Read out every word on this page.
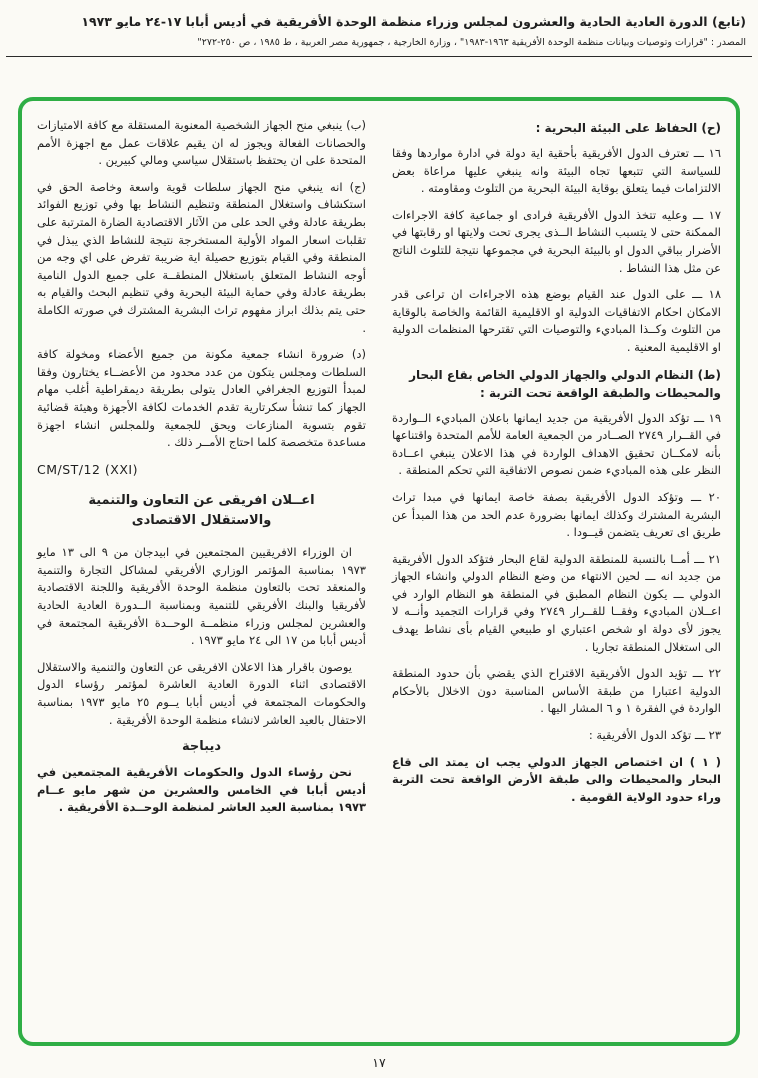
(تابع) الدورة العادية الحادية والعشرون لمجلس وزراء منظمة الوحدة الأفريقية في أديس أبابا ١٧-٢٤ مايو ١٩٧٣
المصدر : "قرارات وتوصيات وبيانات منظمة الوحدة الأفريقية ١٩٦٣-١٩٨٣" ، وزارة الخارجية ، جمهورية مصر العربية ، ط ١٩٨٥ ، ص ٢٥٠-٢٧٢"
(ح) الحفاظ على البيئة البحرية :

١٦ ـــ تعترف الدول الأفريقية بأحقية اية دولة في ادارة مواردها وفقا للسياسة التي تتبعها تجاه البيئة وانه ينبغي عليها مراعاة بعض الالتزامات فيما يتعلق بوقاية البيئة البحرية من التلوث ومقاومته .

١٧ ـــ وعليه تتخذ الدول الأفريقية فرادى او جماعية كافة الاجراءات الممكنة حتى لا يتسبب النشاط الــذى يجرى تحت ولايتها او رقابتها في الأضرار بباقي الدول او بالبيئة البحرية في مجموعها نتيجة للتلوث الناتج عن مثل هذا النشاط .

١٨ ـــ على الدول عند القيام بوضع هذه الاجراءات ان تراعى قدر الامكان احكام الاتفاقيات الدولية او الاقليمية القائمة والخاصة بالوقاية من التلوث وكــذا المباديء والتوصيات التي تقترحها المنظمات الدولية او الاقليمية المعنية .

(ط) النظام الدولي والجهاز الدولي الخاص بقاع البحار والمحيطات والطبقة الواقعة تحت التربة :

١٩ ـــ تؤكد الدول الأفريقية من جديد ايمانها باعلان المباديء الــواردة في القــرار ٢٧٤٩ الصــادر من الجمعية العامة للأمم المتحدة واقتناعها بأنه لامكــان تحقيق الاهداف الواردة في هذا الاعلان ينبغي اعــادة النظر على هذه المباديء ضمن نصوص الاتفاقية التي تحكم المنطقة .

٢٠ ـــ وتؤكد الدول الأفريقية بصفة خاصة ايمانها في مبدا تراث البشرية المشترك وكذلك ايمانها بضرورة عدم الحد من هذا المبدأ عن طريق اى تعريف يتضمن قيــودا .

٢١ ـــ أمــا بالنسبة للمنطقة الدولية لقاع البحار فتؤكد الدول الأفريقية من جديد انه ـــ لحين الانتهاء من وضع النظام الدولي وانشاء الجهاز الدولي ـــ يكون النظام المطبق في المنطقة هو النظام الوارد في اعــلان المباديء وفقــا للقــرار ٢٧٤٩ وفي قرارات التجميد وأنــه لا يجوز لأى دولة او شخص اعتباري او طبيعي القيام بأى نشاط يهدف الى استغلال المنطقة تجاريا .

٢٢ ـــ تؤيد الدول الأفريقية الاقتراح الذي يقضي بأن حدود المنطقة الدولية اعتبارا من طبقة الأساس المناسبة دون الاخلال بالأحكام الواردة في الفقرة ١ و ٦ المشار اليها .

٢٣ ـــ تؤكد الدول الأفريقية :

( ١ ) ان اختصاص الجهاز الدولي يجب ان يمتد الى قاع البحار والمحيطات والى طبقة الأرض الواقعة تحت التربة وراء حدود الولاية القومية .

(ب) ينبغي منح الجهاز الشخصية المعنوية المستقلة مع كافة الامتيازات والحصانات الفعالة ويجوز له ان يقيم علاقات عمل مع اجهزة الأمم المتحدة على ان يحتفظ باستقلال سياسي ومالي كبيرين .

(ج) انه ينبغي منح الجهاز سلطات قوية واسعة وخاصة الحق في استكشاف واستغلال المنطقة وتنظيم النشاط بها وفي توزيع الفوائد بطريقة عادلة وفي الحد على من الآثار الاقتصادية الضارة المترتبة على تقلبات اسعار المواد الأولية المستخرجة نتيجة للنشاط الذي يبذل في المنطقة وفي القيام بتوزيع حصيلة اية ضريبة تفرض على اي وجه من أوجه النشاط المتعلق باستغلال المنطقــة على جميع الدول النامية بطريقة عادلة وفي حماية البيئة البحرية وفي تنظيم البحث والقيام به حتى يتم بذلك ابراز مفهوم تراث البشرية المشترك في صورته الكاملة .

(د) ضرورة انشاء جمعية مكونة من جميع الأعضاء ومخولة كافة السلطات ومجلس يتكون من عدد محدود من الأعضــاء يختارون وفقا لمبدأ التوزيع الجغرافي العادل يتولى بطريقة ديمقراطية أغلب مهام الجهاز كما تنشأ سكرتارية تقدم الخدمات لكافة الأجهزة وهيئة قضائية تقوم بتسوية المنازعات ويحق للجمعية وللمجلس انشاء اجهزة مساعدة متخصصة كلما احتاج الأمــر ذلك .

CM/ST/12 (XXI)
اعــلان افريقى عن التعاون والتنمية والاستقلال الاقتصادى

ان الوزراء الافريقيين المجتمعين في ابيدجان من ٩ الى ١٣ مايو ١٩٧٣ بمناسبة المؤتمر الوزاري الأفريقي لمشاكل التجارة والتنمية والمنعقد تحت بالتعاون منظمة الوحدة الأفريقية واللجنة الاقتصادية لأفريقيا والبنك الأفريقي للتنمية وبمناسبة الــدورة العادية الحادية والعشرين لمجلس وزراء منظمــة الوحــدة الأفريقية المجتمعة في أديس أبابا من ١٧ الى ٢٤ مايو ١٩٧٣ .

يوصون باقرار هذا الاعلان الافريقى عن التعاون والتنمية والاستقلال الاقتصادى اثناء الدورة العادية العاشرة لمؤتمر رؤساء الدول والحكومات المجتمعة في أديس أبابا يــوم ٢٥ مايو ١٩٧٣ بمناسبة الاحتفال بالعيد العاشر لانشاء منظمة الوحدة الأفريقية .

ديباجة

نحن رؤساء الدول والحكومات الأفريقية المجتمعين في أديس أبابا في الخامس والعشرين من شهر مايو عــام ١٩٧٣ بمناسبة العيد العاشر لمنظمة الوحــدة الأفريقية .

١٧
